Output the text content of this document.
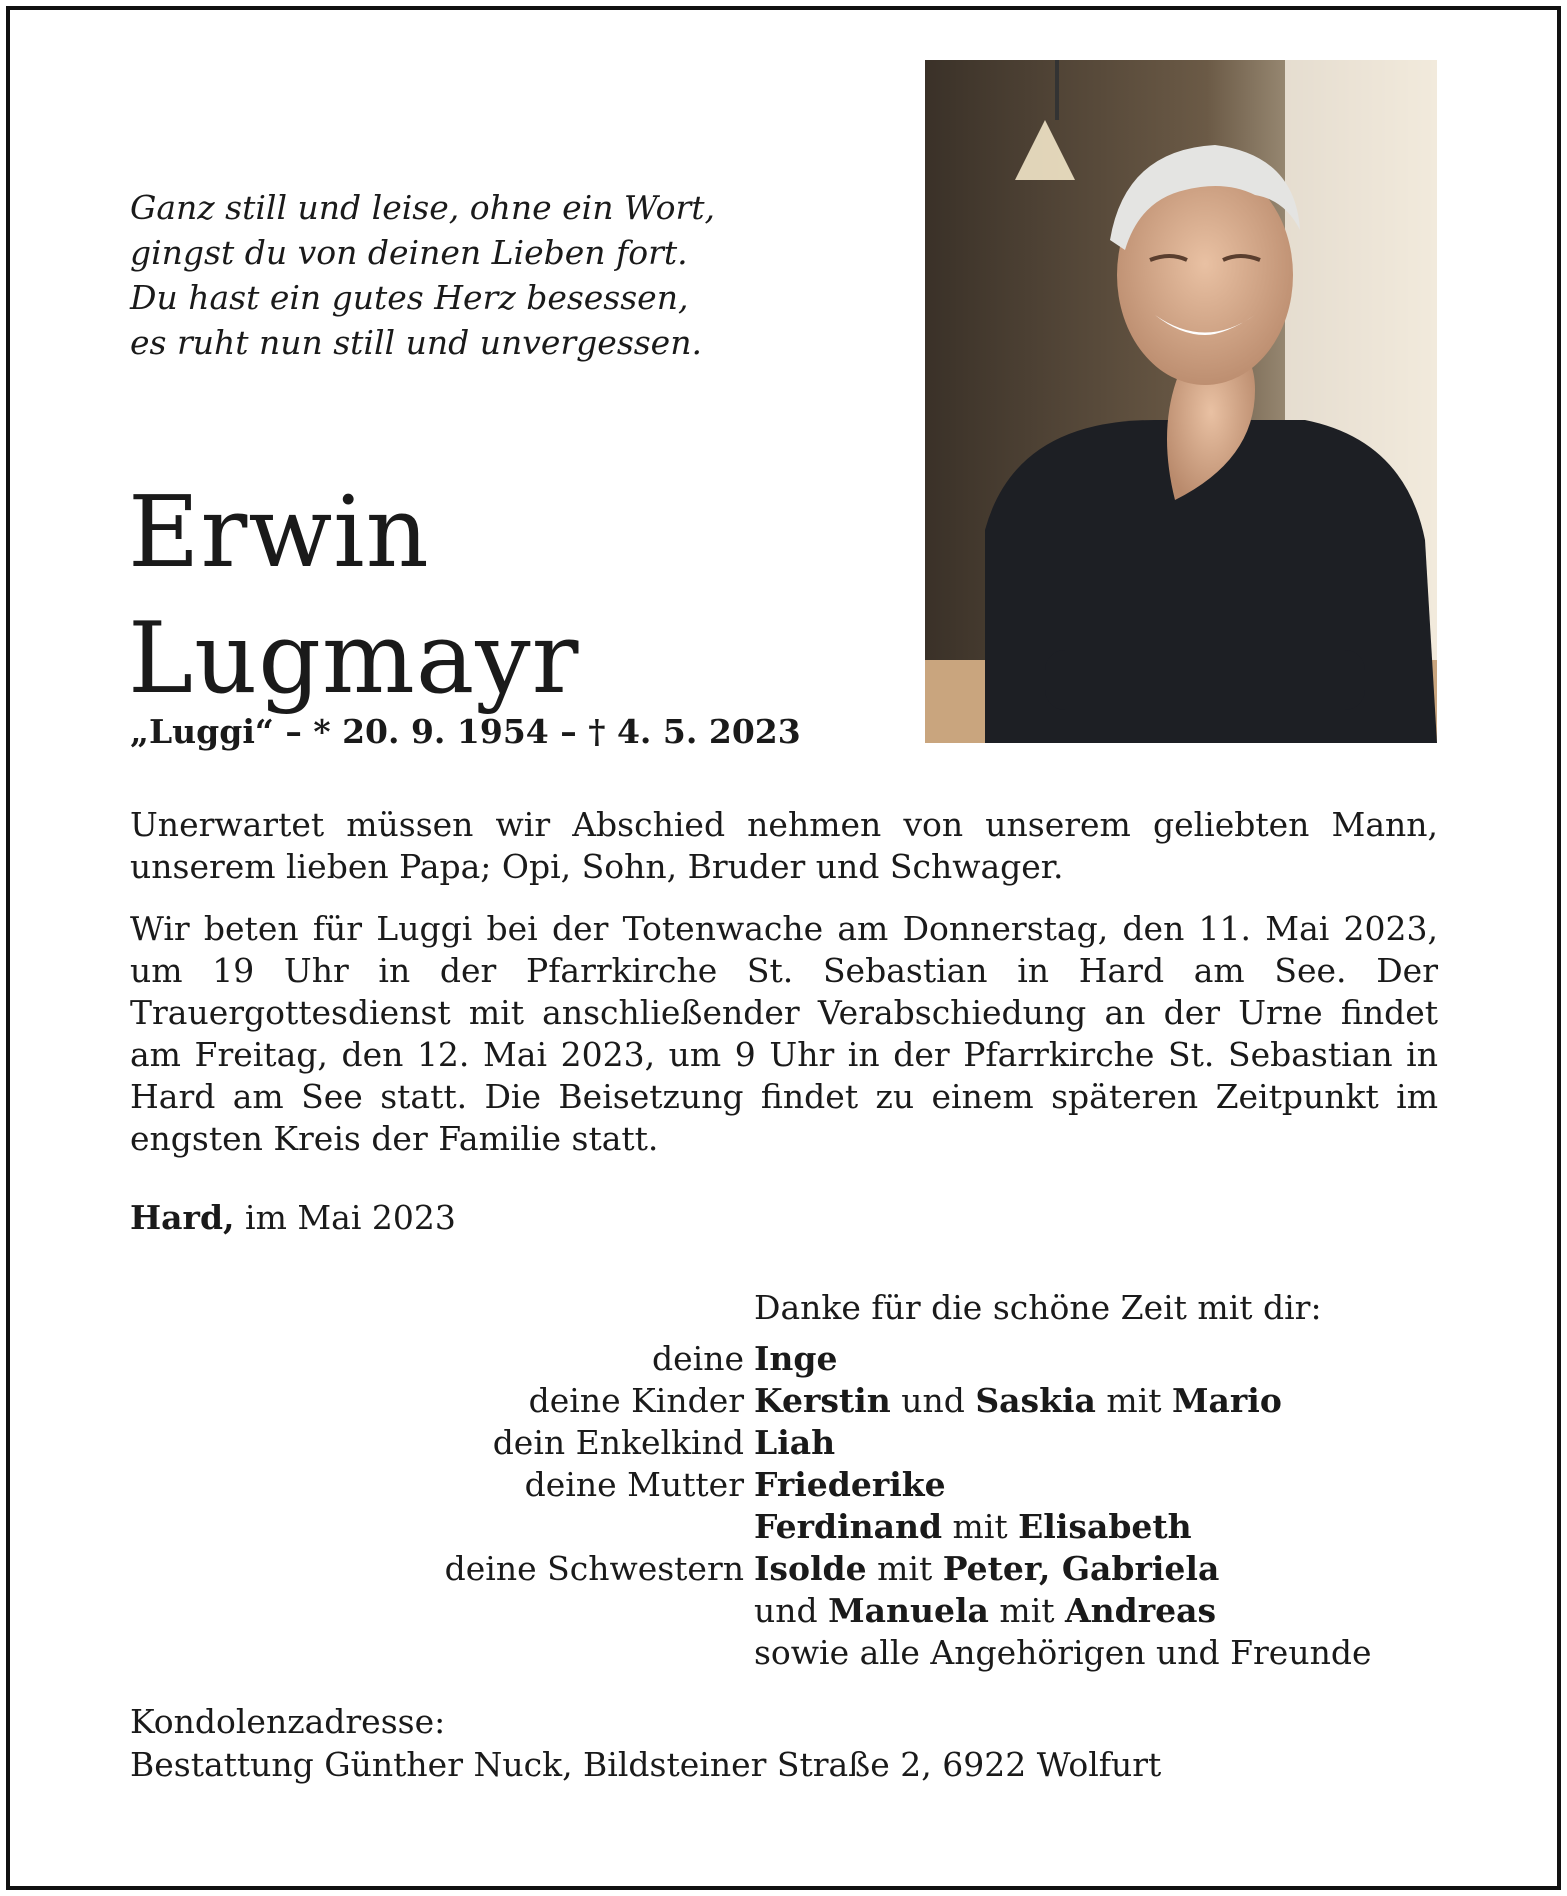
Ganz still und leise, ohne ein Wort,
gingst du von deinen Lieben fort.
Du hast ein gutes Herz besessen,
es ruht nun still und unvergessen.
Erwin
Lugmayr
„Luggi“ – * 20. 9. 1954 – † 4. 5. 2023

Unerwartet müssen wir Abschied nehmen von unserem geliebten Mann, unserem lieben Papa; Opi, Sohn, Bruder und Schwager.

Wir beten für Luggi bei der Totenwache am Donnerstag, den 11. Mai 2023, um 19 Uhr in der Pfarrkirche St. Sebastian in Hard am See. Der Trauergottesdienst mit anschließender Verabschiedung an der Urne findet am Freitag, den 12. Mai 2023, um 9 Uhr in der Pfarrkirche St. Sebastian in Hard am See statt. Die Beisetzung findet zu einem späteren Zeitpunkt im engsten Kreis der Familie statt.

Hard, im Mai 2023
Danke für die schöne Zeit mit dir:
deine Inge
deine Kinder Kerstin und Saskia mit Mario
dein Enkelkind Liah
deine Mutter Friederike
Ferdinand mit Elisabeth
deine Schwestern Isolde mit Peter, Gabriela
und Manuela mit Andreas
sowie alle Angehörigen und Freunde
Kondolenzadresse:
Bestattung Günther Nuck, Bildsteiner Straße 2, 6922 Wolfurt
